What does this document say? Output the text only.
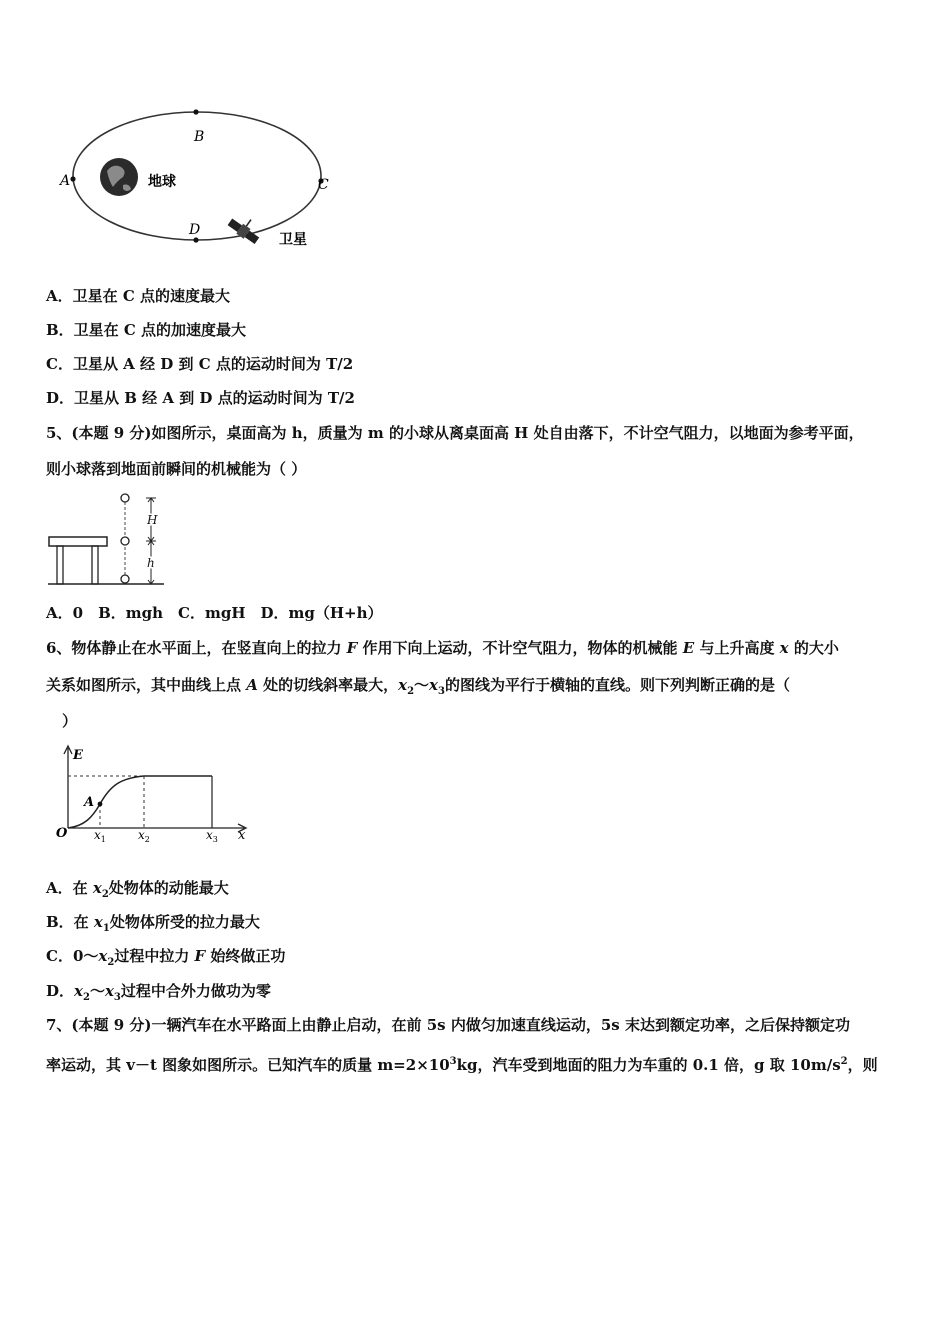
A
B
C
D
地球
卫星
A．卫星在 C 点的速度最大
B．卫星在 C 点的加速度最大
C．卫星从 A 经 D 到 C 点的运动时间为 T/2
D．卫星从 B 经 A 到 D 点的运动时间为 T/2
5、(本题 9 分)如图所示，桌面高为 h，质量为 m 的小球从离桌面高 H 处自由落下，不计空气阻力，以地面为参考平面，
则小球落到地面前瞬间的机械能为（ ）
H
h
A．0　B．mgh　C．mgH　D．mg（H+h）
6、物体静止在水平面上，在竖直向上的拉力 F 作用下向上运动，不计空气阻力，物体的机械能 E 与上升高度 x 的大小
关系如图所示，其中曲线上点 A 处的切线斜率最大，$x_2\sim x_3$的图线为平行于横轴的直线。则下列判断正确的是（
）
E
A
O $x_1$	$x_2$	$x_3$ x
A．在 $x_2$处物体的动能最大
B．在 $x_1$处物体所受的拉力最大
C．$0\sim x_2$过程中拉力 F 始终做正功
D．$x_2\sim x_3$过程中合外力做功为零
7、(本题 9 分)一辆汽车在水平路面上由静止启动，在前 5s 内做匀加速直线运动，5s 末达到额定功率，之后保持额定功
率运动，其 v－t 图象如图所示。已知汽车的质量 $m=2\times 10^3kg$，汽车受到地面的阻力为车重的 0.1 倍，g 取 $10m/s^2$，则
